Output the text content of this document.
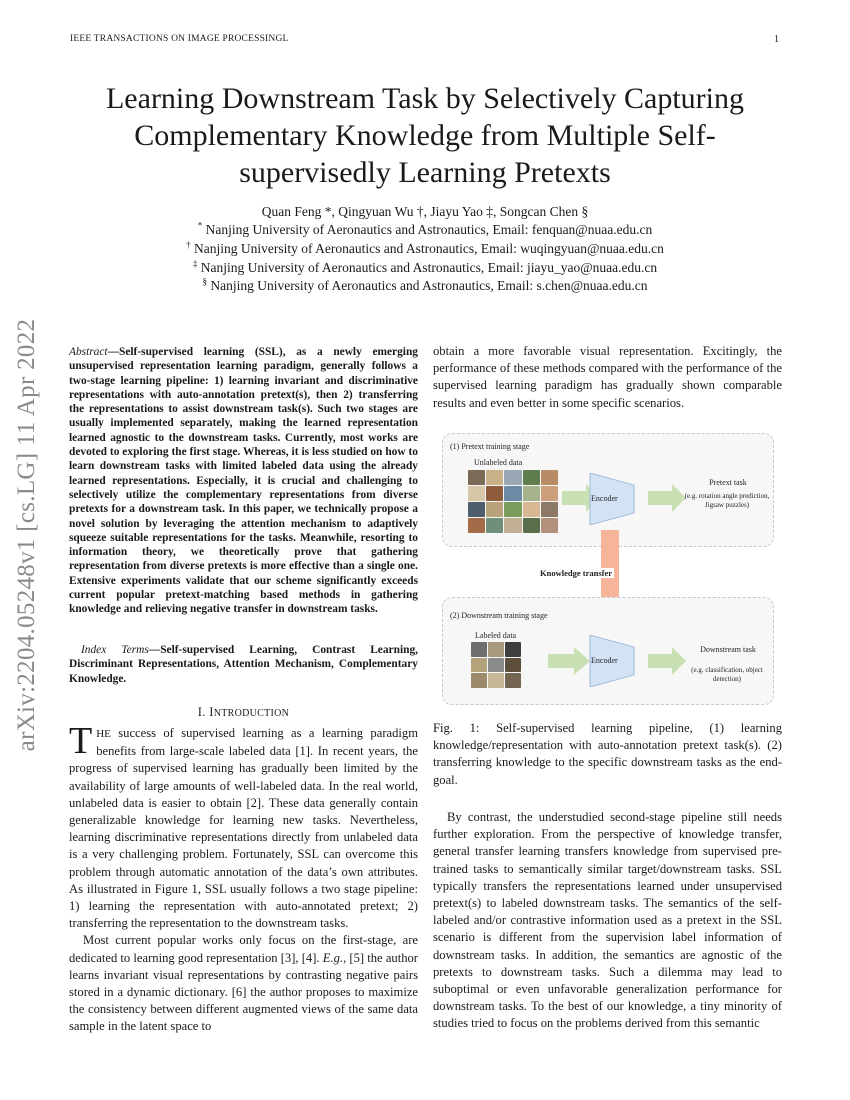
IEEE TRANSACTIONS ON IMAGE PROCESSINGL	1
arXiv:2204.05248v1 [cs.LG] 11 Apr 2022
Learning Downstream Task by Selectively Capturing Complementary Knowledge from Multiple Self-supervisedly Learning Pretexts
Quan Feng *, Qingyuan Wu †, Jiayu Yao ‡, Songcan Chen §
* Nanjing University of Aeronautics and Astronautics, Email: fenquan@nuaa.edu.cn
† Nanjing University of Aeronautics and Astronautics, Email: wuqingyuan@nuaa.edu.cn
‡ Nanjing University of Aeronautics and Astronautics, Email: jiayu_yao@nuaa.edu.cn
§ Nanjing University of Aeronautics and Astronautics, Email: s.chen@nuaa.edu.cn
Abstract—Self-supervised learning (SSL), as a newly emerging unsupervised representation learning paradigm, generally follows a two-stage learning pipeline: 1) learning invariant and discriminative representations with auto-annotation pretext(s), then 2) transferring the representations to assist downstream task(s). Such two stages are usually implemented separately, making the learned representation learned agnostic to the downstream tasks. Currently, most works are devoted to exploring the first stage. Whereas, it is less studied on how to learn downstream tasks with limited labeled data using the already learned representations. Especially, it is crucial and challenging to selectively utilize the complementary representations from diverse pretexts for a downstream task. In this paper, we technically propose a novel solution by leveraging the attention mechanism to adaptively squeeze suitable representations for the tasks. Meanwhile, resorting to information theory, we theoretically prove that gathering representation from diverse pretexts is more effective than a single one. Extensive experiments validate that our scheme significantly exceeds current popular pretext-matching based methods in gathering knowledge and relieving negative transfer in downstream tasks.
Index Terms—Self-supervised Learning, Contrast Learning, Discriminant Representations, Attention Mechanism, Complementary Knowledge.
I. INTRODUCTION

THE success of supervised learning as a learning paradigm benefits from large-scale labeled data [1]. In recent years, the progress of supervised learning has gradually been limited by the availability of large amounts of well-labeled data. In the real world, unlabeled data is easier to obtain [2]. These data generally contain generalizable knowledge for learning new tasks. Nevertheless, learning discriminative representations directly from unlabeled data is a very challenging problem. Fortunately, SSL can overcome this problem through automatic annotation of the data’s own attributes. As illustrated in Figure 1, SSL usually follows a two stage pipeline: 1) learning the representation with auto-annotated pretext; 2) transferring the representation to the downstream tasks.

Most current popular works only focus on the first-stage, are dedicated to learning good representation [3], [4]. E.g., [5] the author learns invariant visual representations by contrasting negative pairs stored in a dynamic dictionary. [6] the author proposes to maximize the consistency between different augmented views of the same data sample in the latent space to

obtain a more favorable visual representation. Excitingly, the performance of these methods compared with the performance of the supervised learning paradigm has gradually shown comparable results and even better in some specific scenarios.
(1) Pretext training stage
Unlabeled data
Encoder
Pretext task
(e.g. rotation angle prediction, Jigsaw puzzles)
Knowledge transfer
(2) Downstream training stage
Labeled data
Encoder
Downstream task
(e.g. classification, object detection)
Fig. 1: Self-supervised learning pipeline, (1) learning knowledge/representation with auto-annotation pretext task(s). (2) transferring knowledge to the specific downstream tasks as the end-goal.
By contrast, the understudied second-stage pipeline still needs further exploration. From the perspective of knowledge transfer, general transfer learning transfers knowledge from supervised pre-trained tasks to semantically similar target/downstream tasks. SSL typically transfers the representations learned under unsupervised pretext(s) to labeled downstream tasks. The semantics of the self-labeled and/or contrastive information used as a pretext in the SSL scenario is different from the supervision label information of downstream tasks. In addition, the semantics are agnostic of the pretexts to downstream tasks. Such a dilemma may lead to suboptimal or even unfavorable generalization performance for downstream tasks. To the best of our knowledge, a tiny minority of studies tried to focus on the problems derived from this semantic
